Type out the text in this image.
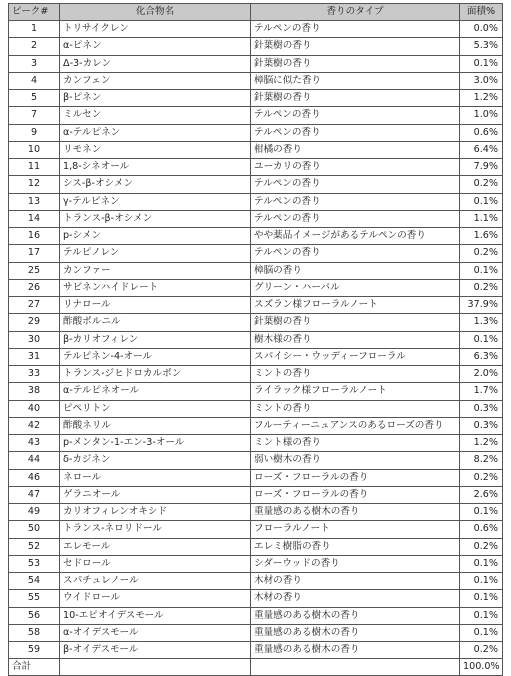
ピーク#	化合物名	香りのタイプ	面積%
1	トリサイクレン	テルペンの香り	0.0%
2	α-ピネン	針葉樹の香り	5.3%
3	Δ-3-カレン	針葉樹の香り	0.1%
4	カンフェン	樟脳に似た香り	3.0%
5	β-ピネン	針葉樹の香り	1.2%
7	ミルセン	テルペンの香り	1.0%
9	α-テルピネン	テルペンの香り	0.6%
10	リモネン	柑橘の香り	6.4%
11	1,8-シネオール	ユーカリの香り	7.9%
12	シス-β-オシメン	テルペンの香り	0.2%
13	γ-テルピネン	テルペンの香り	0.1%
14	トランス-β-オシメン	テルペンの香り	1.1%
16	p-シメン	やや薬品イメージがあるテルペンの香り	1.6%
17	テルピノレン	テルペンの香り	0.2%
25	カンファー	樟脳の香り	0.1%
26	サビネンハイドレート	グリーン・ハーバル	0.2%
27	リナロール	スズラン様フローラルノート	37.9%
29	酢酸ボルニル	針葉樹の香り	1.3%
30	β-カリオフィレン	樹木様の香り	0.1%
31	テルピネン-4-オール	スパイシー・ウッディーフローラル	6.3%
33	トランス-ジヒドロカルボン	ミントの香り	2.0%
38	α-テルピネオール	ライラック様フローラルノート	1.7%
40	ピペリトン	ミントの香り	0.3%
42	酢酸ネリル	フルーティーニュアンスのあるローズの香り	0.3%
43	p-メンタン-1-エン-3-オール	ミント様の香り	1.2%
44	δ-カジネン	弱い樹木の香り	8.2%
46	ネロール	ローズ・フローラルの香り	0.2%
47	ゲラニオール	ローズ・フローラルの香り	2.6%
49	カリオフィレンオキシド	重量感のある樹木の香り	0.1%
50	トランス-ネロリドール	フローラルノート	0.6%
52	エレモール	エレミ樹脂の香り	0.2%
53	セドロール	シダーウッドの香り	0.1%
54	スパチュレノール	木材の香り	0.1%
55	ウイドロール	木材の香り	0.1%
56	10-エピオイデスモール	重量感のある樹木の香り	0.1%
58	α-オイデスモール	重量感のある樹木の香り	0.1%
59	β-オイデスモール	重量感のある樹木の香り	0.2%
合計			100.0%
